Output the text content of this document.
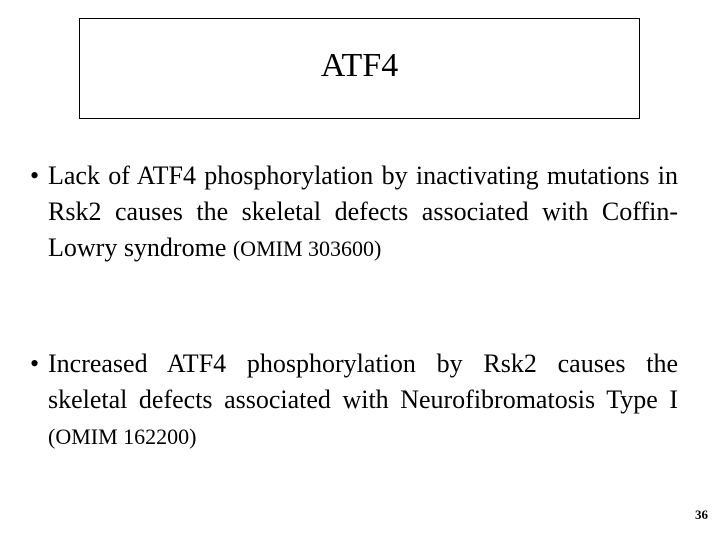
ATF4
• Lack of ATF4 phosphorylation by inactivating mutations in Rsk2 causes the skeletal defects associated with Coffin-Lowry syndrome (OMIM 303600)
• Increased ATF4 phosphorylation by Rsk2 causes the skeletal defects associated with Neurofibromatosis Type I (OMIM 162200)
36
